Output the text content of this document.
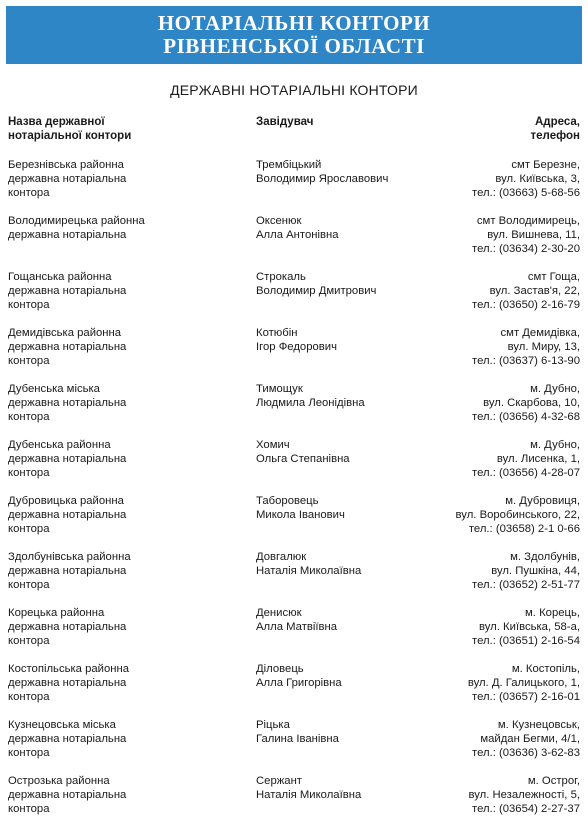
НОТАРІАЛЬНІ КОНТОРИ
РІВНЕНСЬКОЇ ОБЛАСТІ
ДЕРЖАВНІ НОТАРІАЛЬНІ КОНТОРИ
Назва державної
нотаріальної контори
Завідувач	Адреса,
телефон
Березнівська районна
державна нотаріальна
контора
Трембіцький
Володимир Ярославович
смт Березне,
вул. Київська, 3,
тел.: (03663) 5-68-56
Володимирецька районна
державна нотаріальна
Оксенюк
Алла Антонівна
смт Володимирець,
вул. Вишнева, 11,
тел.: (03634) 2-30-20
Гощанська районна
державна нотаріальна
контора
Строкаль
Володимир Дмитрович
смт Гоща,
вул. Застав'я, 22,
тел.: (03650) 2-16-79
Демидівська районна
державна нотаріальна
контора
Котюбін
Ігор Федорович
смт Демидівка,
вул. Миру, 13,
тел.: (03637) 6-13-90
Дубенська міська
державна нотаріальна
контора
Тимощук
Людмила Леонідівна
м. Дубно,
вул. Скарбова, 10,
тел.: (03656) 4-32-68
Дубенська районна
державна нотаріальна
контора
Хомич
Ольга Степанівна
м. Дубно,
вул. Лисенка, 1,
тел.: (03656) 4-28-07
Дубровицька районна
державна нотаріальна
контора
Таборовець
Микола Іванович
м. Дубровиця,
вул. Воробинського, 22,
тел.: (03658) 2-1 0-66
Здолбунівська районна
державна нотаріальна
контора
Довгалюк
Наталія Миколаївна
м. Здолбунів,
вул. Пушкіна, 44,
тел.: (03652) 2-51-77
Корецька районна
державна нотаріальна
контора
Денисюк
Алла Матвіївна
м. Корець,
вул. Київська, 58-а,
тел.: (03651) 2-16-54
Костопільська районна
державна нотаріальна
контора
Діловець
Алла Григорівна
м. Костопіль,
вул. Д. Галицького, 1,
тел.: (03657) 2-16-01
Кузнецовська міська
державна нотаріальна
контора
Ріцька
Галина Іванівна
м. Кузнецовськ,
майдан Бегми, 4/1,
тел.: (03636) 3-62-83
Острозька районна
державна нотаріальна
контора
Сержант
Наталія Миколаївна
м. Острог,
вул. Незалежності, 5,
тел.: (03654) 2-27-37
